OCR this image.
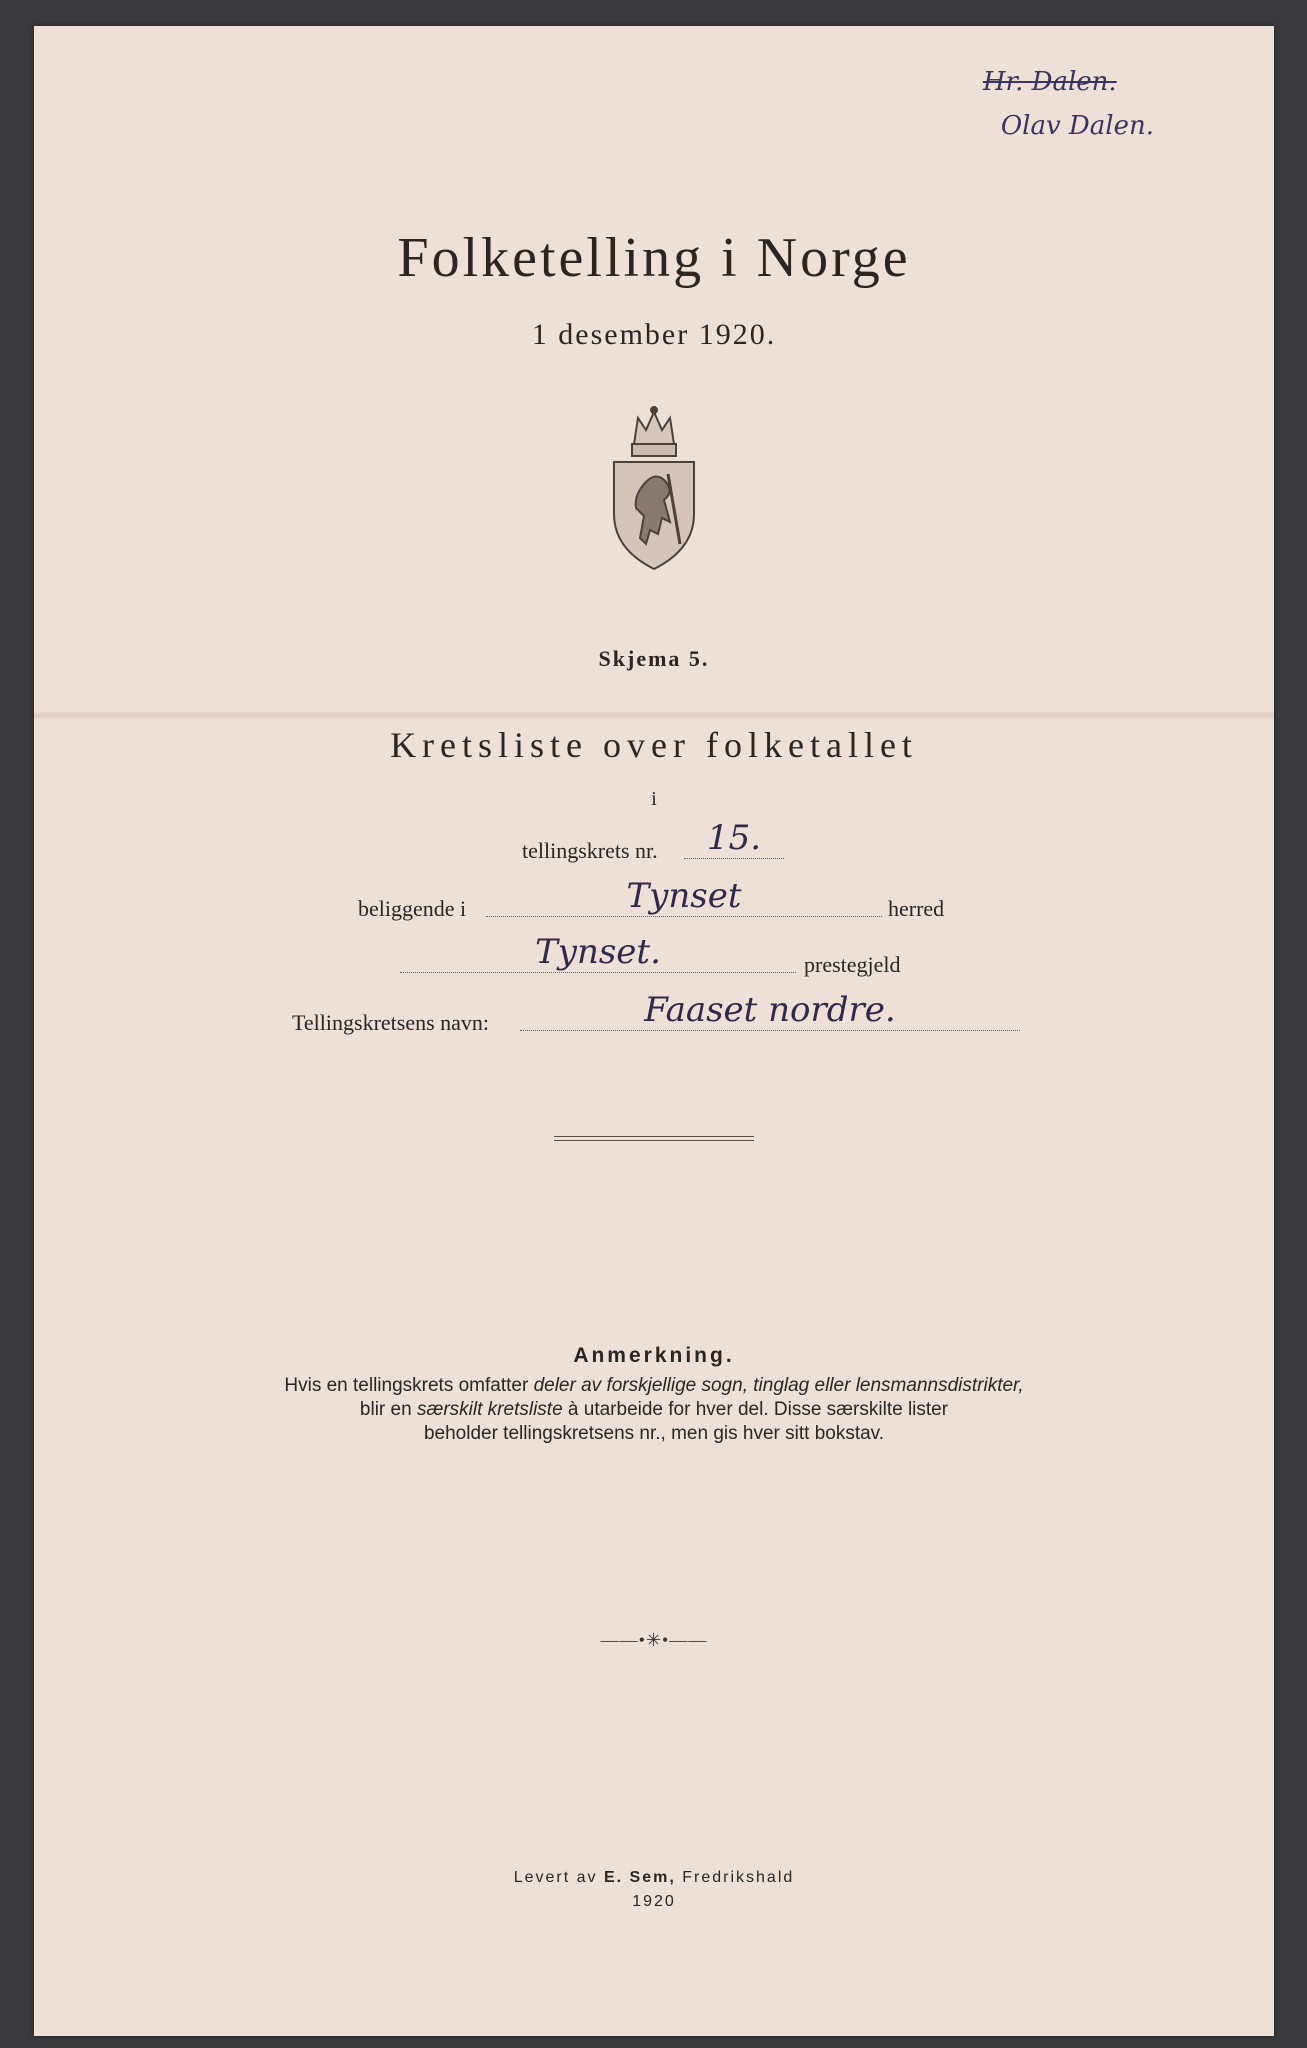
Hr. Dalen.
Olav Dalen.
Folketelling i Norge
1 desember 1920.
Skjema 5.
Kretsliste over folketallet
i
tellingskrets nr.	15.
beliggende i	Tynset	herred
Tynset.	prestegjeld
Tellingskretsens navn:	Faaset nordre.
Anmerkning.
Hvis en tellingskrets omfatter deler av forskjellige sogn, tinglag eller lensmannsdistrikter,
blir en særskilt kretsliste à utarbeide for hver del. Disse særskilte lister
beholder tellingskretsens nr., men gis hver sitt bokstav.
——•✳•——
Levert av E. Sem, Fredrikshald
1920
